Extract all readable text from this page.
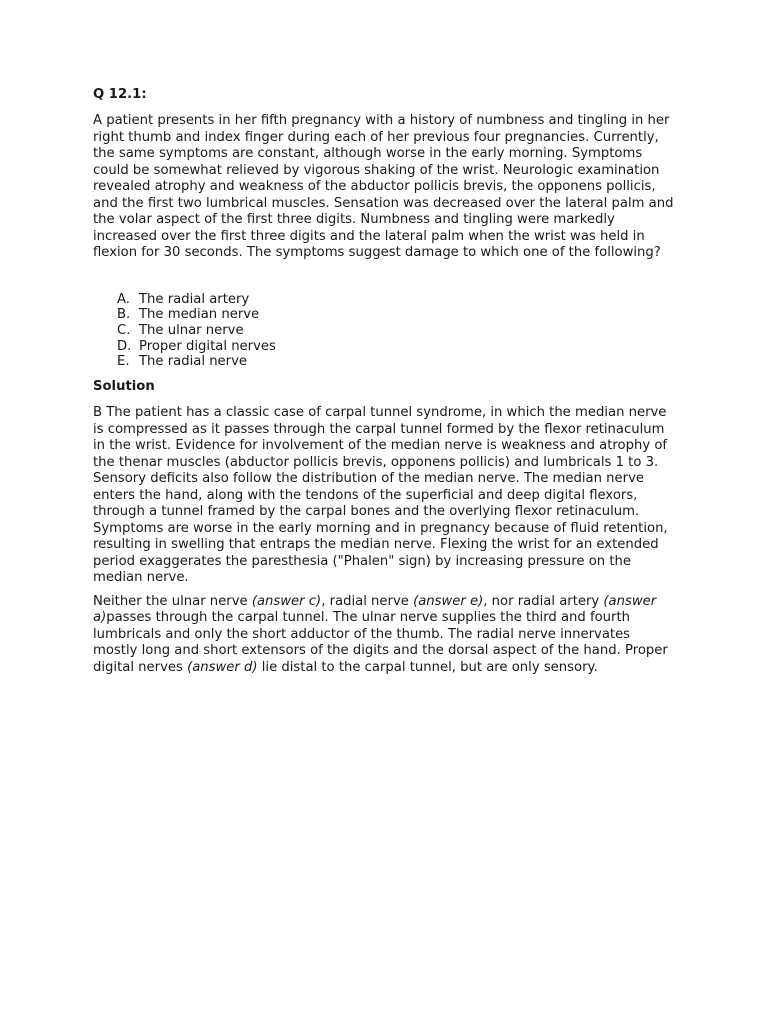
Q 12.1:

A patient presents in her fifth pregnancy with a history of numbness and tingling in her right thumb and index finger during each of her previous four pregnancies. Currently, the same symptoms are constant, although worse in the early morning. Symptoms could be somewhat relieved by vigorous shaking of the wrist. Neurologic examination revealed atrophy and weakness of the abductor pollicis brevis, the opponens pollicis, and the first two lumbrical muscles. Sensation was decreased over the lateral palm and the volar aspect of the first three digits. Numbness and tingling were markedly increased over the first three digits and the lateral palm when the wrist was held in flexion for 30 seconds. The symptoms suggest damage to which one of the following?

A. The radial artery
B. The median nerve
C. The ulnar nerve
D. Proper digital nerves
E. The radial nerve
Solution

B The patient has a classic case of carpal tunnel syndrome, in which the median nerve is compressed as it passes through the carpal tunnel formed by the flexor retinaculum in the wrist. Evidence for involvement of the median nerve is weakness and atrophy of the thenar muscles (abductor pollicis brevis, opponens pollicis) and lumbricals 1 to 3. Sensory deficits also follow the distribution of the median nerve. The median nerve enters the hand, along with the tendons of the superficial and deep digital flexors, through a tunnel framed by the carpal bones and the overlying flexor retinaculum. Symptoms are worse in the early morning and in pregnancy because of fluid retention, resulting in swelling that entraps the median nerve. Flexing the wrist for an extended period exaggerates the paresthesia ("Phalen" sign) by increasing pressure on the median nerve.

Neither the ulnar nerve (answer c), radial nerve (answer e), nor radial artery (answer a)passes through the carpal tunnel. The ulnar nerve supplies the third and fourth lumbricals and only the short adductor of the thumb. The radial nerve innervates mostly long and short extensors of the digits and the dorsal aspect of the hand. Proper digital nerves (answer d) lie distal to the carpal tunnel, but are only sensory.
